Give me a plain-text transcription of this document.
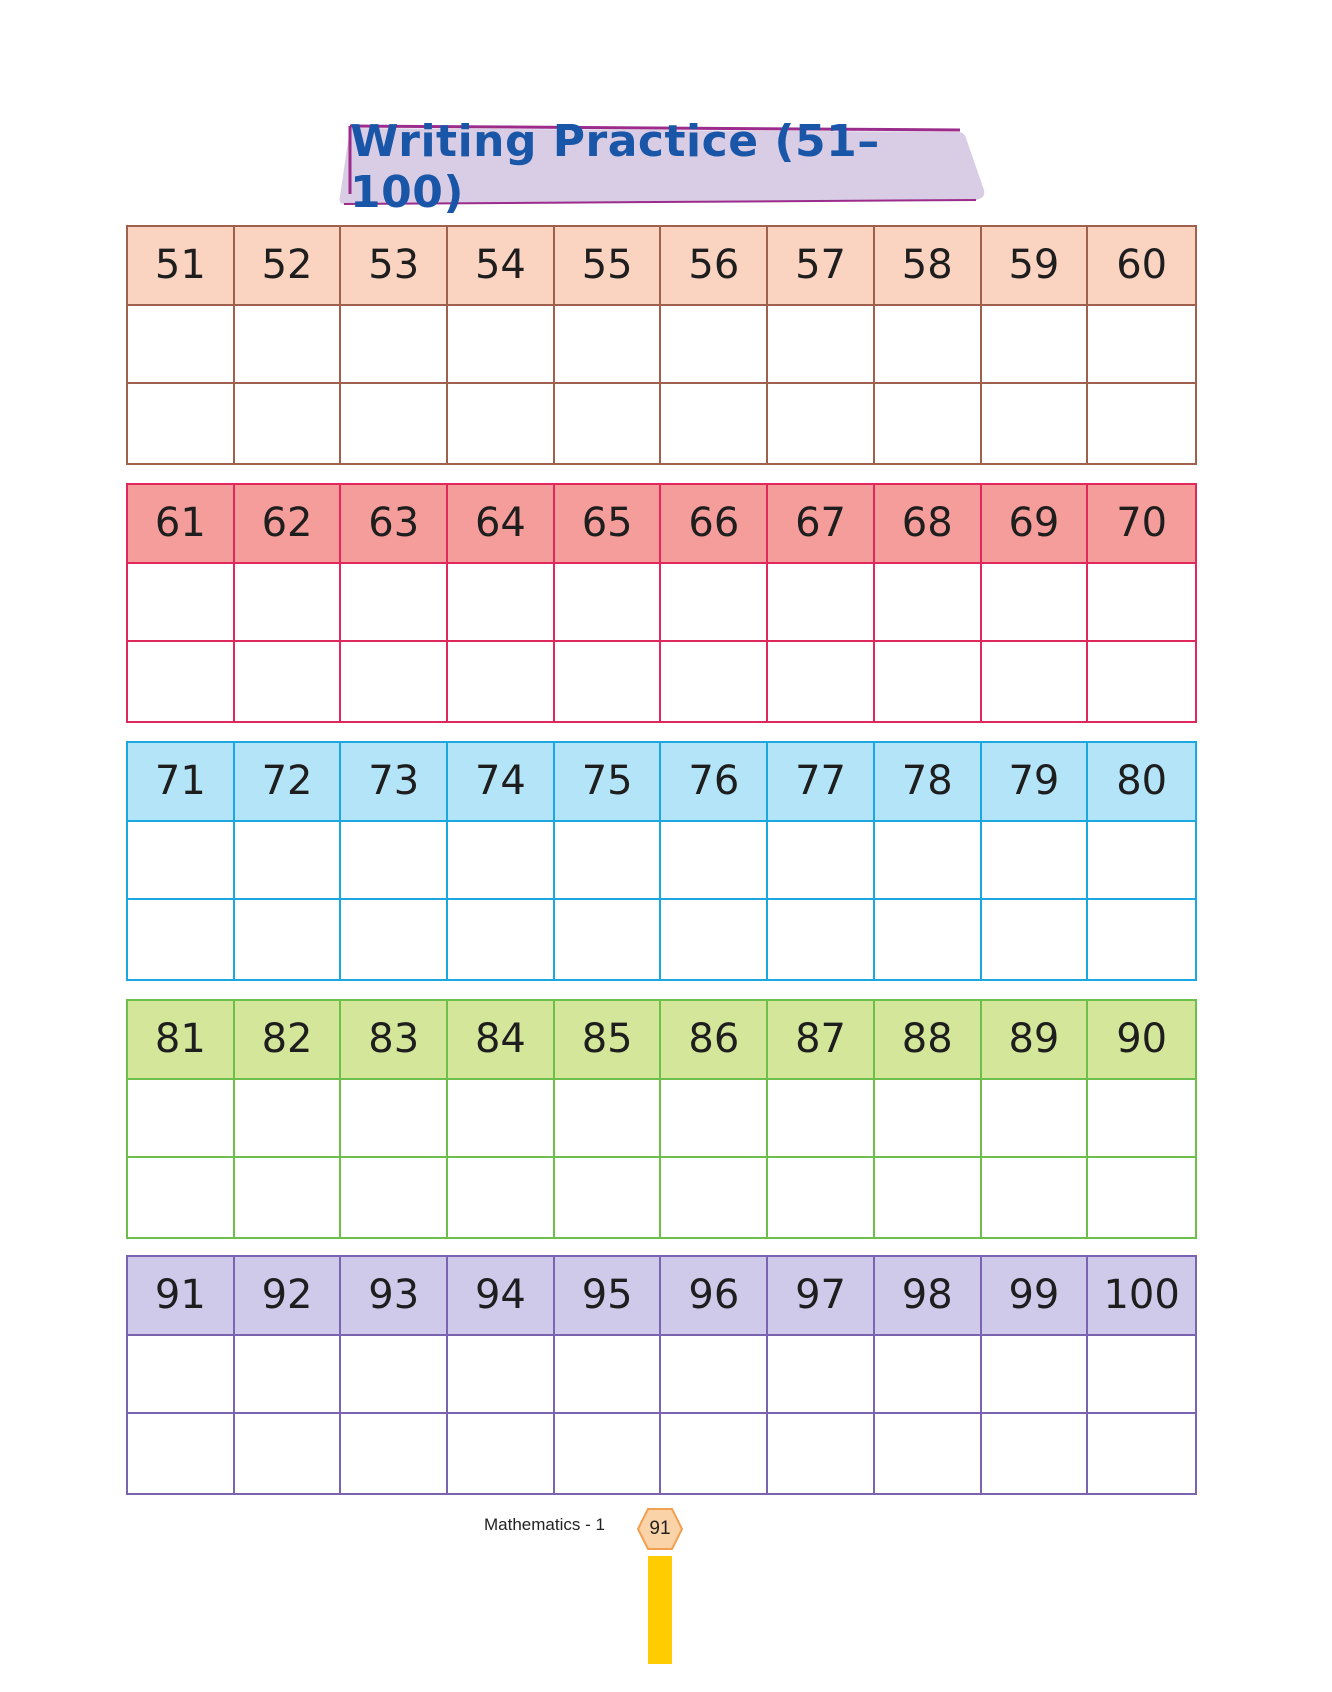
Writing Practice (51–100)
51	52	53	54	55	56	57	58	59	60
61	62	63	64	65	66	67	68	69	70
71	72	73	74	75	76	77	78	79	80
81	82	83	84	85	86	87	88	89	90
91	92	93	94	95	96	97	98	99	100
Mathematics - 1	91
